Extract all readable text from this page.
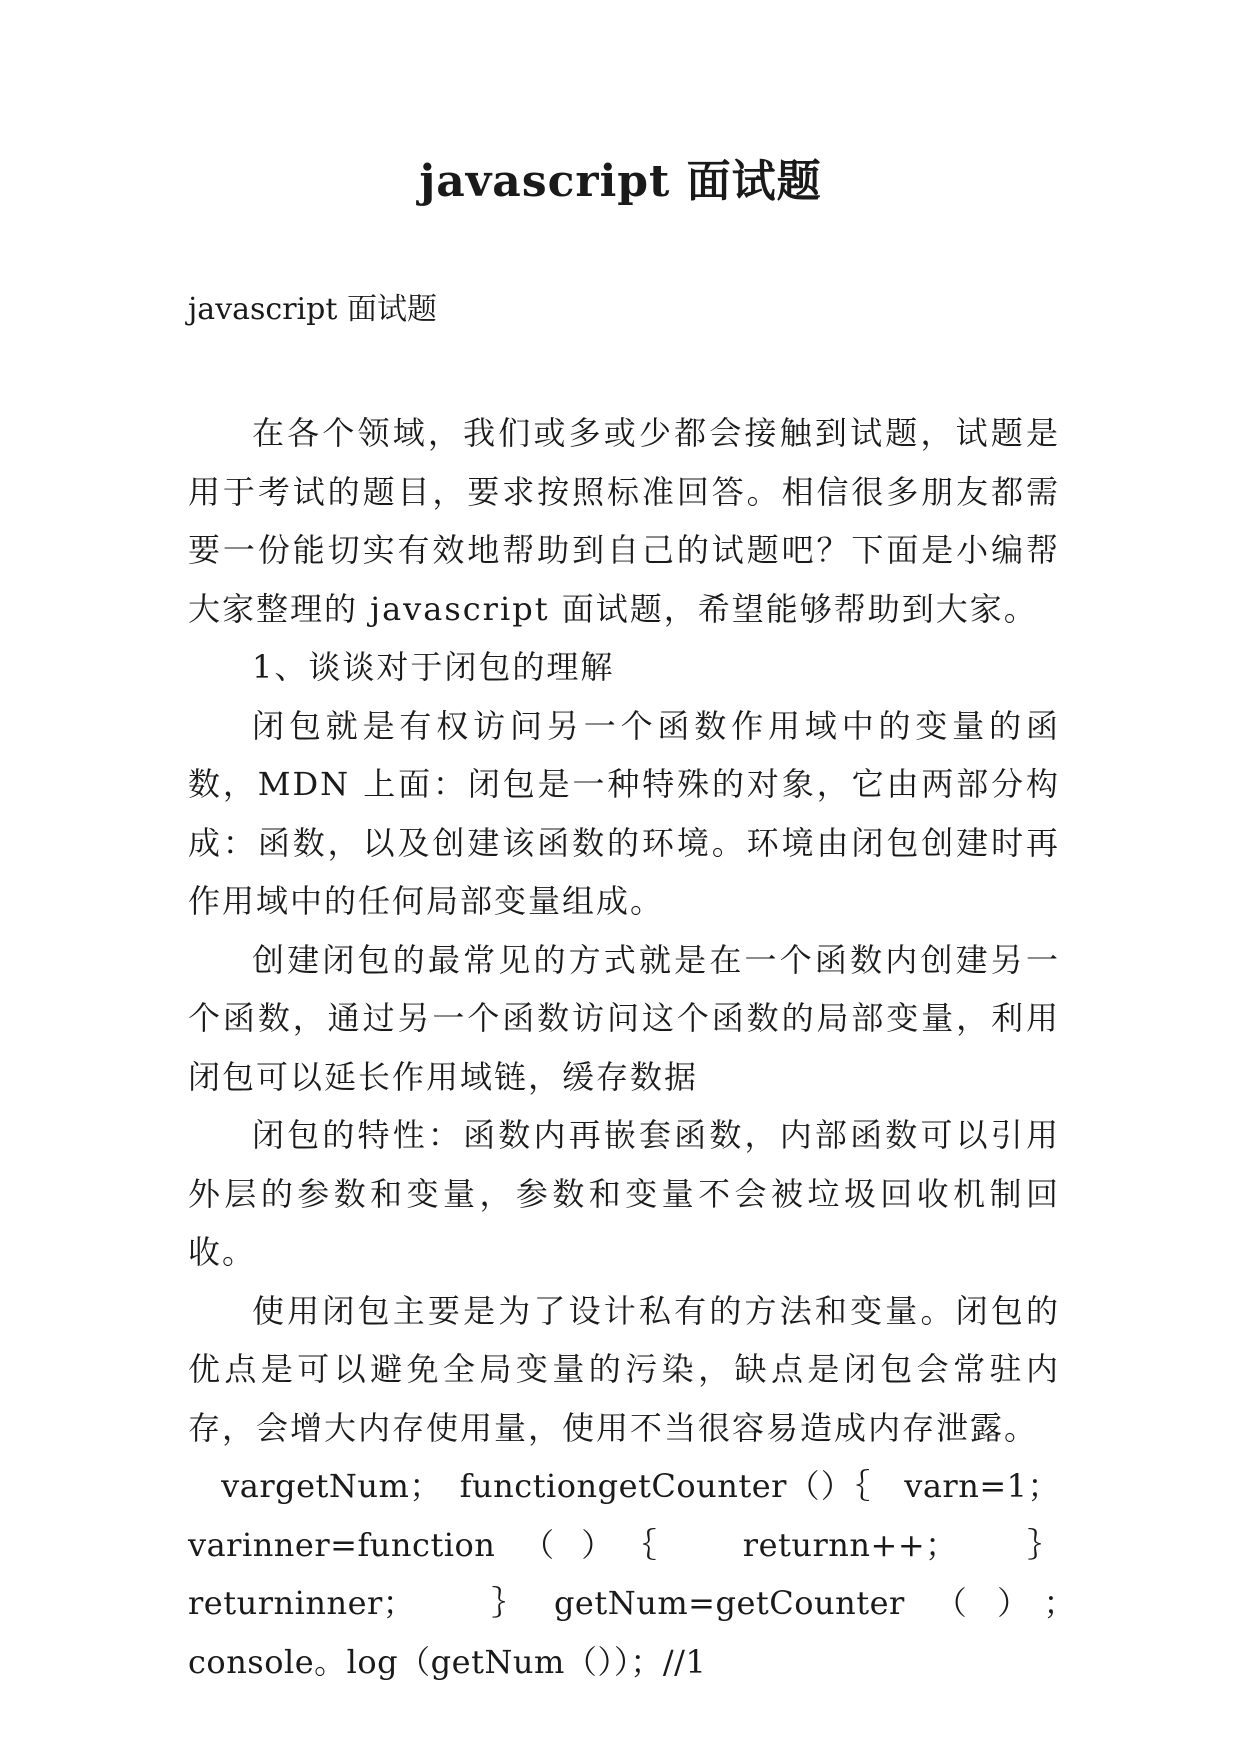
javascript 面试题
javascript 面试题

在各个领域，我们或多或少都会接触到试题，试题是用于考试的题目，要求按照标准回答。相信很多朋友都需要一份能切实有效地帮助到自己的试题吧？下面是小编帮大家整理的 javascript 面试题，希望能够帮助到大家。

1、谈谈对于闭包的理解

闭包就是有权访问另一个函数作用域中的变量的函数，MDN 上面：闭包是一种特殊的对象，它由两部分构成：函数，以及创建该函数的环境。环境由闭包创建时再作用域中的任何局部变量组成。

创建闭包的最常见的方式就是在一个函数内创建另一个函数，通过另一个函数访问这个函数的局部变量，利用闭包可以延长作用域链，缓存数据

闭包的特性：函数内再嵌套函数，内部函数可以引用外层的参数和变量，参数和变量不会被垃圾回收机制回收。

使用闭包主要是为了设计私有的方法和变量。闭包的优点是可以避免全局变量的污染，缺点是闭包会常驻内存，会增大内存使用量，使用不当很容易造成内存泄露。

　vargetNum；　functiongetCounter（）｛　varn=1；varinner=function（）｛　returnn++；　｝returninner；　｝getNum=getCounter（）；　console。log（getNum（））；//1
